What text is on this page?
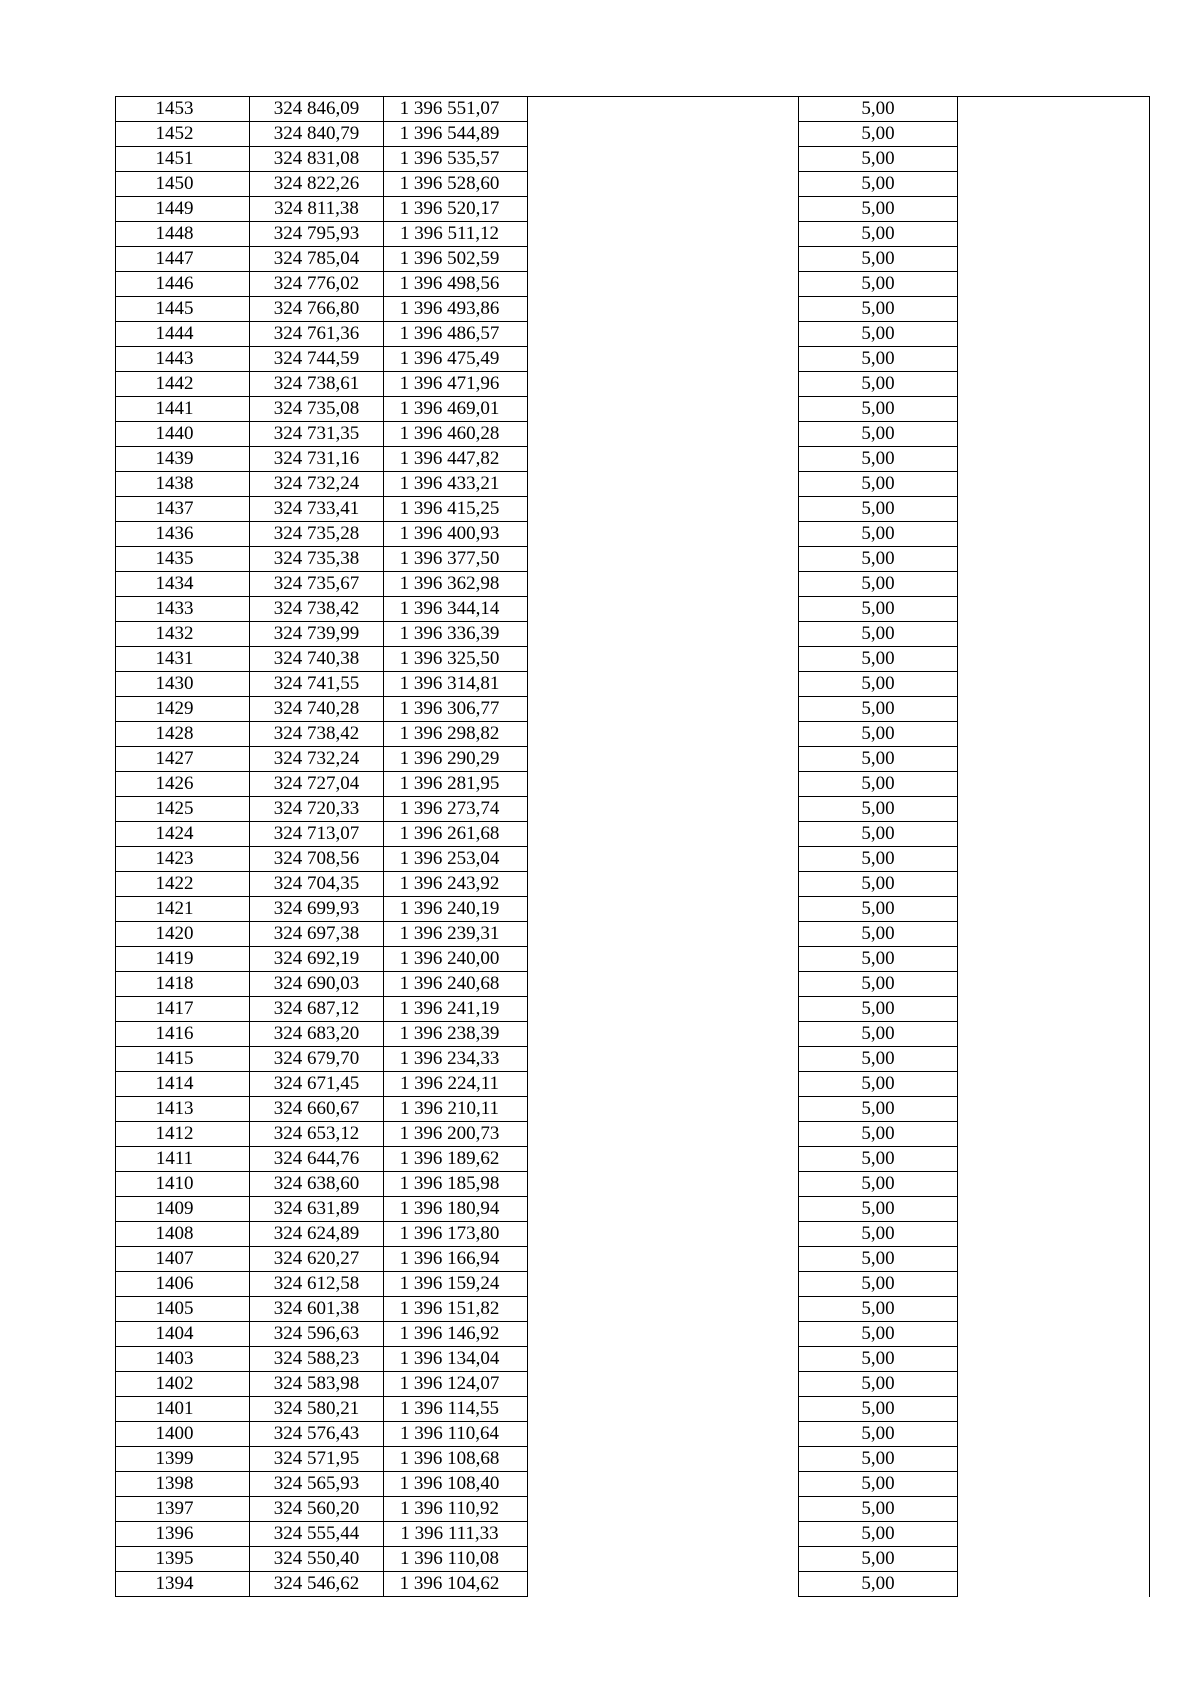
1453	324 846,09	1 396 551,07		5,00	
1452	324 840,79	1 396 544,89		5,00	
1451	324 831,08	1 396 535,57		5,00	
1450	324 822,26	1 396 528,60		5,00	
1449	324 811,38	1 396 520,17		5,00	
1448	324 795,93	1 396 511,12		5,00	
1447	324 785,04	1 396 502,59		5,00	
1446	324 776,02	1 396 498,56		5,00	
1445	324 766,80	1 396 493,86		5,00	
1444	324 761,36	1 396 486,57		5,00	
1443	324 744,59	1 396 475,49		5,00	
1442	324 738,61	1 396 471,96		5,00	
1441	324 735,08	1 396 469,01		5,00	
1440	324 731,35	1 396 460,28		5,00	
1439	324 731,16	1 396 447,82		5,00	
1438	324 732,24	1 396 433,21		5,00	
1437	324 733,41	1 396 415,25		5,00	
1436	324 735,28	1 396 400,93		5,00	
1435	324 735,38	1 396 377,50		5,00	
1434	324 735,67	1 396 362,98		5,00	
1433	324 738,42	1 396 344,14		5,00	
1432	324 739,99	1 396 336,39		5,00	
1431	324 740,38	1 396 325,50		5,00	
1430	324 741,55	1 396 314,81		5,00	
1429	324 740,28	1 396 306,77		5,00	
1428	324 738,42	1 396 298,82		5,00	
1427	324 732,24	1 396 290,29		5,00	
1426	324 727,04	1 396 281,95		5,00	
1425	324 720,33	1 396 273,74		5,00	
1424	324 713,07	1 396 261,68		5,00	
1423	324 708,56	1 396 253,04		5,00	
1422	324 704,35	1 396 243,92		5,00	
1421	324 699,93	1 396 240,19		5,00	
1420	324 697,38	1 396 239,31		5,00	
1419	324 692,19	1 396 240,00		5,00	
1418	324 690,03	1 396 240,68		5,00	
1417	324 687,12	1 396 241,19		5,00	
1416	324 683,20	1 396 238,39		5,00	
1415	324 679,70	1 396 234,33		5,00	
1414	324 671,45	1 396 224,11		5,00	
1413	324 660,67	1 396 210,11		5,00	
1412	324 653,12	1 396 200,73		5,00	
1411	324 644,76	1 396 189,62		5,00	
1410	324 638,60	1 396 185,98		5,00	
1409	324 631,89	1 396 180,94		5,00	
1408	324 624,89	1 396 173,80		5,00	
1407	324 620,27	1 396 166,94		5,00	
1406	324 612,58	1 396 159,24		5,00	
1405	324 601,38	1 396 151,82		5,00	
1404	324 596,63	1 396 146,92		5,00	
1403	324 588,23	1 396 134,04		5,00	
1402	324 583,98	1 396 124,07		5,00	
1401	324 580,21	1 396 114,55		5,00	
1400	324 576,43	1 396 110,64		5,00	
1399	324 571,95	1 396 108,68		5,00	
1398	324 565,93	1 396 108,40		5,00	
1397	324 560,20	1 396 110,92		5,00	
1396	324 555,44	1 396 111,33		5,00	
1395	324 550,40	1 396 110,08		5,00	
1394	324 546,62	1 396 104,62		5,00	
